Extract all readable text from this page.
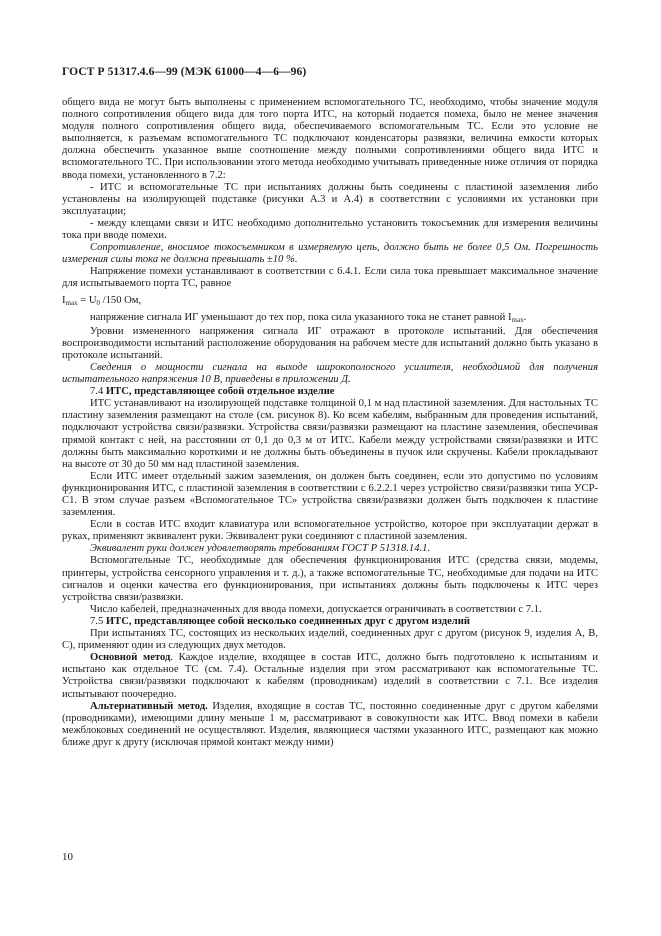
ГОСТ Р 51317.4.6—99 (МЭК 61000—4—6—96)

общего вида не могут быть выполнены с применением вспомогательного ТС, необходимо, чтобы значение модуля полного сопротивления общего вида для того порта ИТС, на который подается помеха, было не менее значения модуля полного сопротивления общего вида, обеспечиваемого вспомогательным ТС. Если это условие не выполняется, к разъемам вспомогательного ТС подключают конденсаторы развязки, величина емкости которых должна обеспечить указанное выше соотношение между полными сопротивлениями общего вида ИТС и вспомогательного ТС. При использовании этого метода необходимо учитывать приведенные ниже отличия от порядка ввода помехи, установленного в 7.2:

- ИТС и вспомогательные ТС при испытаниях должны быть соединены с пластиной заземления либо установлены на изолирующей подставке (рисунки А.3 и А.4) в соответствии с условиями их установки при эксплуатации;

- между клещами связи и ИТС необходимо дополнительно установить токосъемник для измерения величины тока при вводе помехи.

Сопротивление, вносимое токосъемником в измеряемую цепь, должно быть не более 0,5 Ом. Погрешность измерения силы тока не должна превышать ±10 %.

Напряжение помехи устанавливают в соответствии с 6.4.1. Если сила тока превышает максимальное значение для испытываемого порта ТС, равное

$I_{max} = U_0$ /150 Ом,

напряжение сигнала ИГ уменьшают до тех пор, пока сила указанного тока не станет равной $I_{max}$.

Уровни измененного напряжения сигнала ИГ отражают в протоколе испытаний. Для обеспечения воспроизводимости испытаний расположение оборудования на рабочем месте для испытаний должно быть указано в протоколе испытаний.

Сведения о мощности сигнала на выходе широкополосного усилителя, необходимой для получения испытательного напряжения 10 В, приведены в приложении Д.

7.4 ИТС, представляющее собой отдельное изделие

ИТС устанавливают на изолирующей подставке толщиной 0,1 м над пластиной заземления. Для настольных ТС пластину заземления размещают на столе (см. рисунок 8). Ко всем кабелям, выбранным для проведения испытаний, подключают устройства связи/развязки. Устройства связи/развязки размещают на пластине заземления, обеспечивая прямой контакт с ней, на расстоянии от 0,1 до 0,3 м от ИТС. Кабели между устройствами связи/развязки и ИТС должны быть максимально короткими и не должны быть объединены в пучок или скручены. Кабели прокладывают на высоте от 30 до 50 мм над пластиной заземления.

Если ИТС имеет отдельный зажим заземления, он должен быть соединен, если это допустимо по условиям функционирования ИТС, с пластиной заземления в соответствии с 6.2.2.1 через устройство связи/развязки типа УСР-С1. В этом случае разъем «Вспомогательное ТС» устройства связи/развязки должен быть подключен к пластине заземления.

Если в состав ИТС входит клавиатура или вспомогательное устройство, которое при эксплуатации держат в руках, применяют эквивалент руки. Эквивалент руки соединяют с пластиной заземления.

Эквивалент руки должен удовлетворять требованиям ГОСТ Р 51318.14.1.

Вспомогательные ТС, необходимые для обеспечения функционирования ИТС (средства связи, модемы, принтеры, устройства сенсорного управления и т. д.), а также вспомогательные ТС, необходимые для подачи на ИТС сигналов и оценки качества его функционирования, при испытаниях должны быть подключены к ИТС через устройства связи/развязки.

Число кабелей, предназначенных для ввода помехи, допускается ограничивать в соответствии с 7.1.

7.5 ИТС, представляющее собой несколько соединенных друг с другом изделий

При испытаниях ТС, состоящих из нескольких изделий, соединенных друг с другом (рисунок 9, изделия А, В, С), применяют один из следующих двух методов.

Основной метод. Каждое изделие, входящее в состав ИТС, должно быть подготовлено к испытаниям и испытано как отдельное ТС (см. 7.4). Остальные изделия при этом рассматривают как вспомогательные ТС. Устройства связи/развязки подключают к кабелям (проводникам) изделий в соответствии с 7.1. Все изделия испытывают поочередно.

Альтернативный метод. Изделия, входящие в состав ТС, постоянно соединенные друг с другом кабелями (проводниками), имеющими длину меньше 1 м, рассматривают в совокупности как ИТС. Ввод помехи в кабели межблоковых соединений не осуществляют. Изделия, являющиеся частями указанного ИТС, размещают как можно ближе друг к другу (исключая прямой контакт между ними)

10
